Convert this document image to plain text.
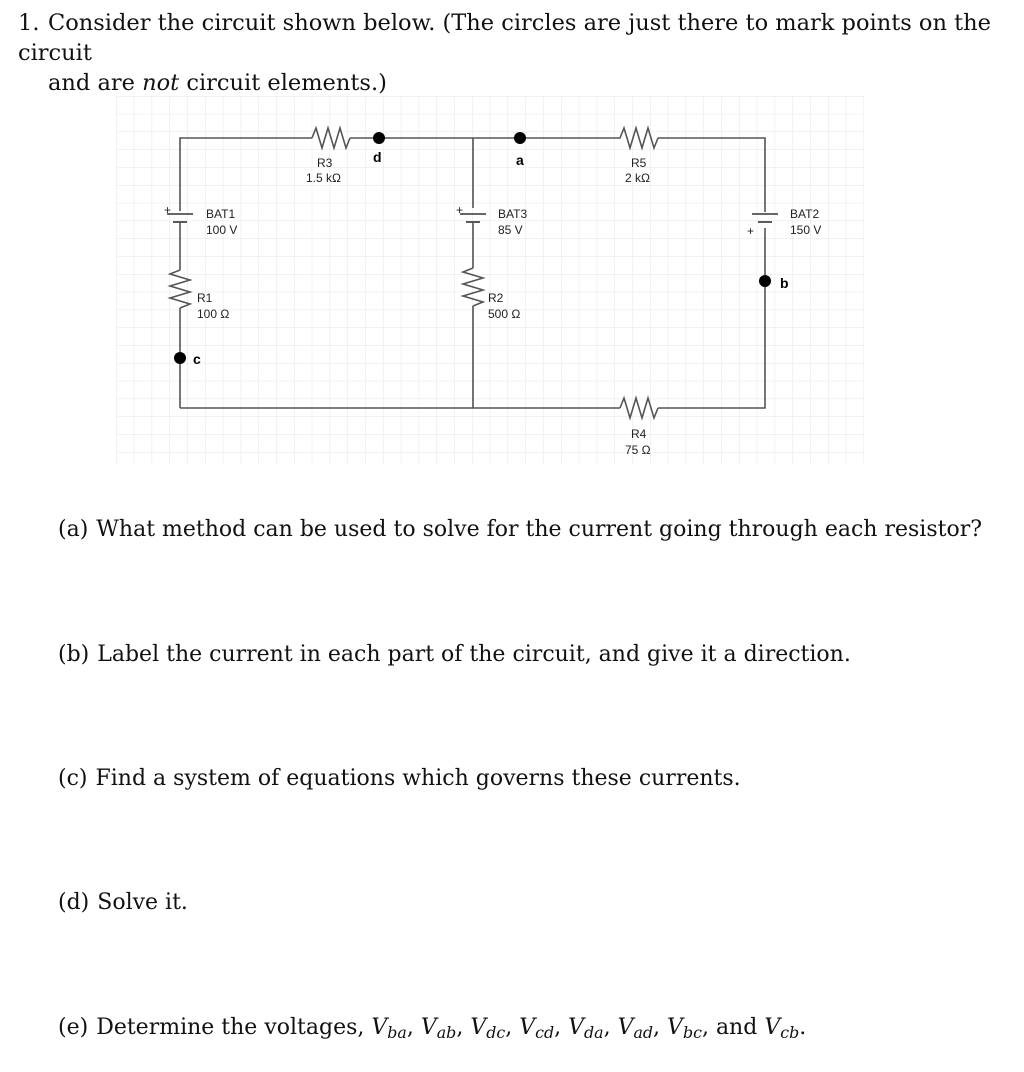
1. Consider the circuit shown below. (The circles are just there to mark points on the circuit
and are not circuit elements.)
+	+
+
BAT1
100 V
BAT3
85 V
BAT2
150 V
R1
100 Ω
R2
500 Ω
R3
1.5 kΩ
R5
2 kΩ
R4
75 Ω
d	a
b
c
(a) What method can be used to solve for the current going through each resistor?
(b) Label the current in each part of the circuit, and give it a direction.
(c) Find a system of equations which governs these currents.
(d) Solve it.
(e) Determine the voltages, $V_{ba}$, $V_{ab}$, $V_{dc}$, $V_{cd}$, $V_{da}$, $V_{ad}$, $V_{bc}$, and $V_{cb}$.
